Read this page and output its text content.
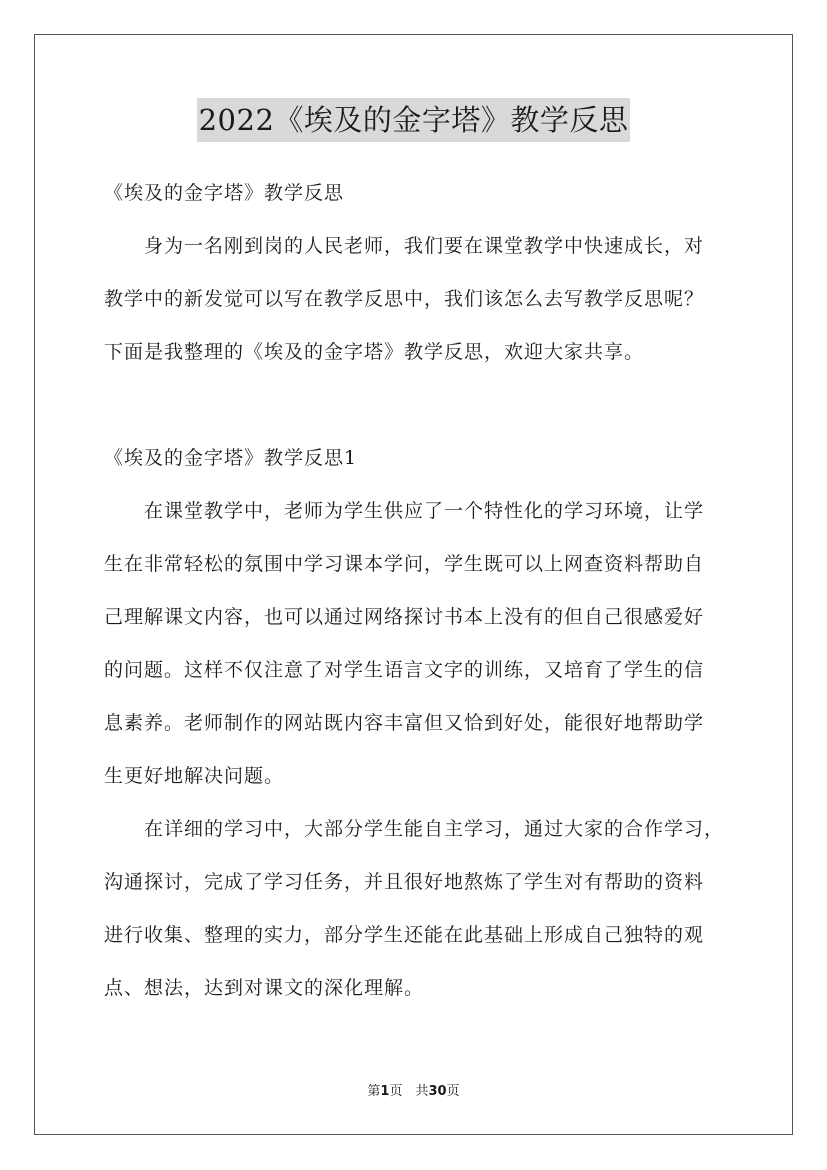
2022《埃及的金字塔》教学反思
《埃及的金字塔》教学反思
身为一名刚到岗的人民老师，我们要在课堂教学中快速成长，对
教学中的新发觉可以写在教学反思中，我们该怎么去写教学反思呢？
下面是我整理的《埃及的金字塔》教学反思，欢迎大家共享。
《埃及的金字塔》教学反思1
在课堂教学中，老师为学生供应了一个特性化的学习环境，让学
生在非常轻松的氛围中学习课本学问，学生既可以上网查资料帮助自
己理解课文内容，也可以通过网络探讨书本上没有的但自己很感爱好
的问题。这样不仅注意了对学生语言文字的训练，又培育了学生的信
息素养。老师制作的网站既内容丰富但又恰到好处，能很好地帮助学
生更好地解决问题。
在详细的学习中，大部分学生能自主学习，通过大家的合作学习，
沟通探讨，完成了学习任务，并且很好地熬炼了学生对有帮助的资料
进行收集、整理的实力，部分学生还能在此基础上形成自己独特的观
点、想法，达到对课文的深化理解。
第1页　共30页
